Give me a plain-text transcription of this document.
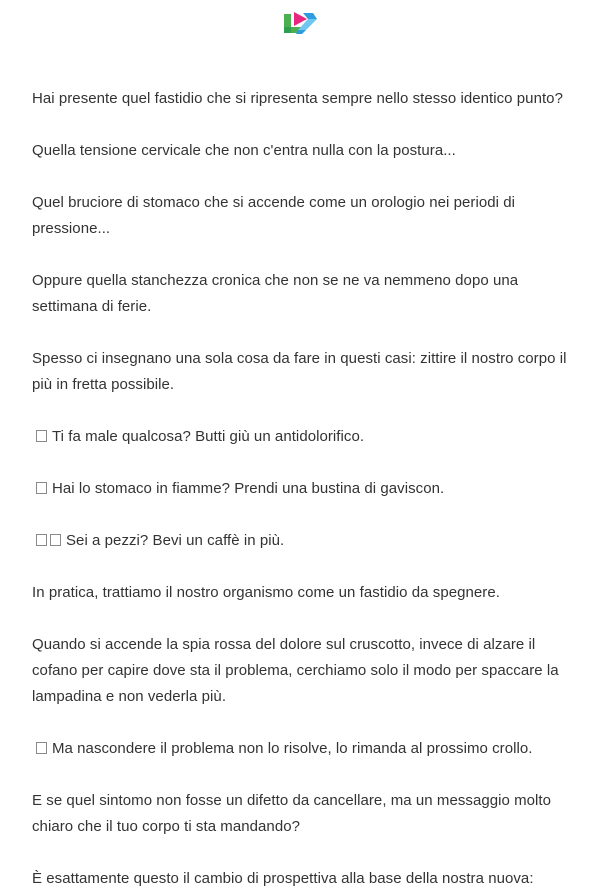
Hai presente quel fastidio che si ripresenta sempre nello stesso identico punto?

Quella tensione cervicale che non c'entra nulla con la postura...

Quel bruciore di stomaco che si accende come un orologio nei periodi di pressione...

Oppure quella stanchezza cronica che non se ne va nemmeno dopo una settimana di ferie.

Spesso ci insegnano una sola cosa da fare in questi casi: zittire il nostro corpo il più in fretta possibile.

Ti fa male qualcosa? Butti giù un antidolorifico.

Hai lo stomaco in fiamme? Prendi una bustina di gaviscon.

Sei a pezzi? Bevi un caffè in più.

In pratica, trattiamo il nostro organismo come un fastidio da spegnere.

Quando si accende la spia rossa del dolore sul cruscotto, invece di alzare il cofano per capire dove sta il problema, cerchiamo solo il modo per spaccare la lampadina e non vederla più.

Ma nascondere il problema non lo risolve, lo rimanda al prossimo crollo.

E se quel sintomo non fosse un difetto da cancellare, ma un messaggio molto chiaro che il tuo corpo ti sta mandando?

È esattamente questo il cambio di prospettiva alla base della nostra nuova:
